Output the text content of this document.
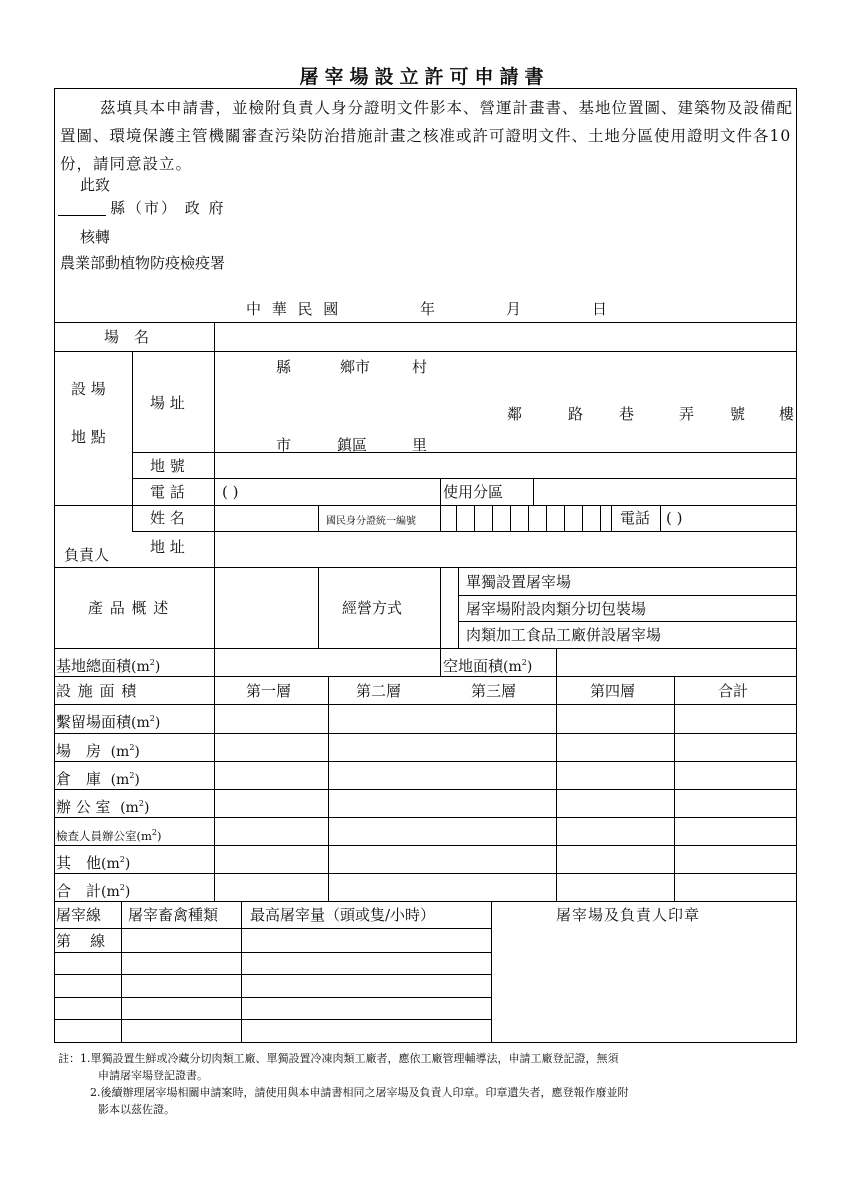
屠宰場設立許可申請書
茲填具本申請書，並檢附負責人身分證明文件影本、營運計畫書、基地位置圖、建築物及設備配置圖、環境保護主管機關審查污染防治措施計畫之核准或許可證明文件、土地分區使用證明文件各10份，請同意設立。
此致
縣（市） 政 府
核轉
農業部動植物防疫檢疫署
中 華 民 國	年	月	日
場　名
設 場
地 點
場 址
縣	鄉市	村
市	鎮區	里
鄰	路 巷	弄 號 樓
地 號
電 話 ( )	使用分區
負責人
姓 名	國民身分證統一編號	電話 ( )
地 址
產 品 概 述	經營方式
單獨設置屠宰場
屠宰場附設肉類分切包裝場
肉類加工食品工廠併設屠宰場
基地總面積$(m^2)$	空地面積$(m^2)$
設 施 面 積	第一層	第二層	第三層	第四層	合計
繫留場面積$(m^2)$
場　房 $(m^2)$
倉　庫 $(m^2)$
辦 公 室 $(m^2)$
檢查人員辦公室$(m^2)$
其　他$(m^2)$
合　計$(m^2)$
屠宰線 屠宰畜禽種類 最高屠宰量（頭或隻/小時）	屠宰場及負責人印章
第 線
註：1.單獨設置生鮮或冷藏分切肉類工廠、單獨設置冷凍肉類工廠者，應依工廠管理輔導法，申請工廠登記證，無須
申請屠宰場登記證書。
2.後續辦理屠宰場相關申請案時，請使用與本申請書相同之屠宰場及負責人印章。印章遺失者，應登報作廢並附
影本以茲佐證。
